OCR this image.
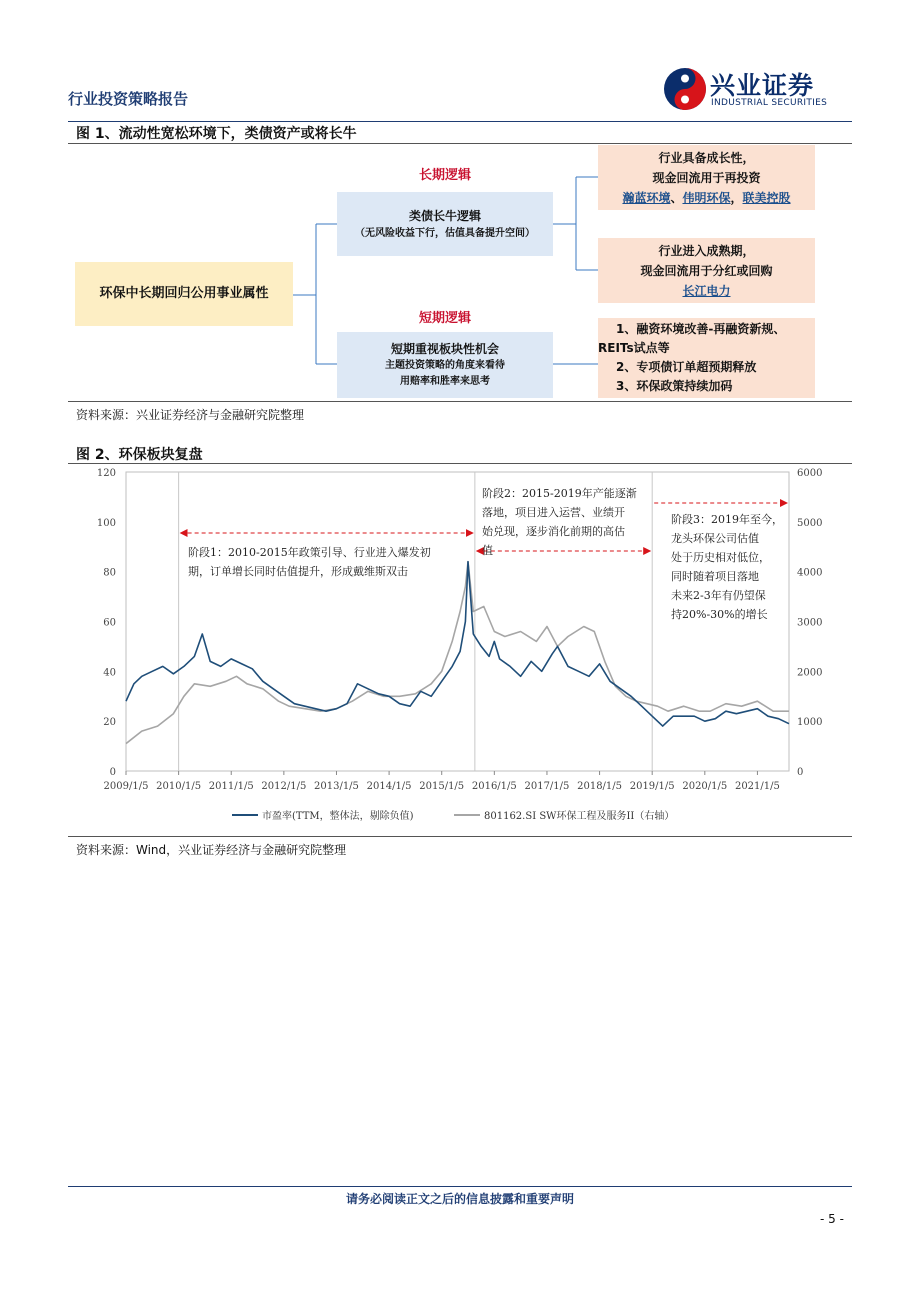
行业投资策略报告	兴业证券
INDUSTRIAL SECURITIES
图 1、流动性宽松环境下，类债资产或将长牛
环保中长期回归公用事业属性
长期逻辑
类债长牛逻辑
（无风险收益下行，估值具备提升空间）
短期逻辑
短期重视板块性机会
主题投资策略的角度来看待
用赔率和胜率来思考
行业具备成长性，
现金回流用于再投资
瀚蓝环境、伟明环保，联美控股
行业进入成熟期，
现金回流用于分红或回购
长江电力
1、融资环境改善-再融资新规、
REITs试点等
2、专项债订单超预期释放
3、环保政策持续加码
资料来源：兴业证券经济与金融研究院整理
图 2、环保板块复盘
0
20
40
60
80
100
120
0
1000
2000
3000
4000
5000
6000
2009/1/5 2010/1/5 2011/1/5 2012/1/5 2013/1/5 2014/1/5 2015/1/5 2016/1/5 2017/1/5 2018/1/5 2019/1/5 2020/1/5 2021/1/5
阶段1：2010-2015年政策引导、行业进入爆发初
期，订单增长同时估值提升，形成戴维斯双击
阶段2：2015-2019年产能逐渐
落地，项目进入运营、业绩开
始兑现，逐步消化前期的高估
值
阶段3：2019年至今，
龙头环保公司估值
处于历史相对低位，
同时随着项目落地
未来2-3年有仍望保
持20%-30%的增长
市盈率(TTM，整体法，剔除负值)	801162.SI SW环保工程及服务II（右轴）
资料来源：Wind，兴业证券经济与金融研究院整理
请务必阅读正文之后的信息披露和重要声明
- 5 -
